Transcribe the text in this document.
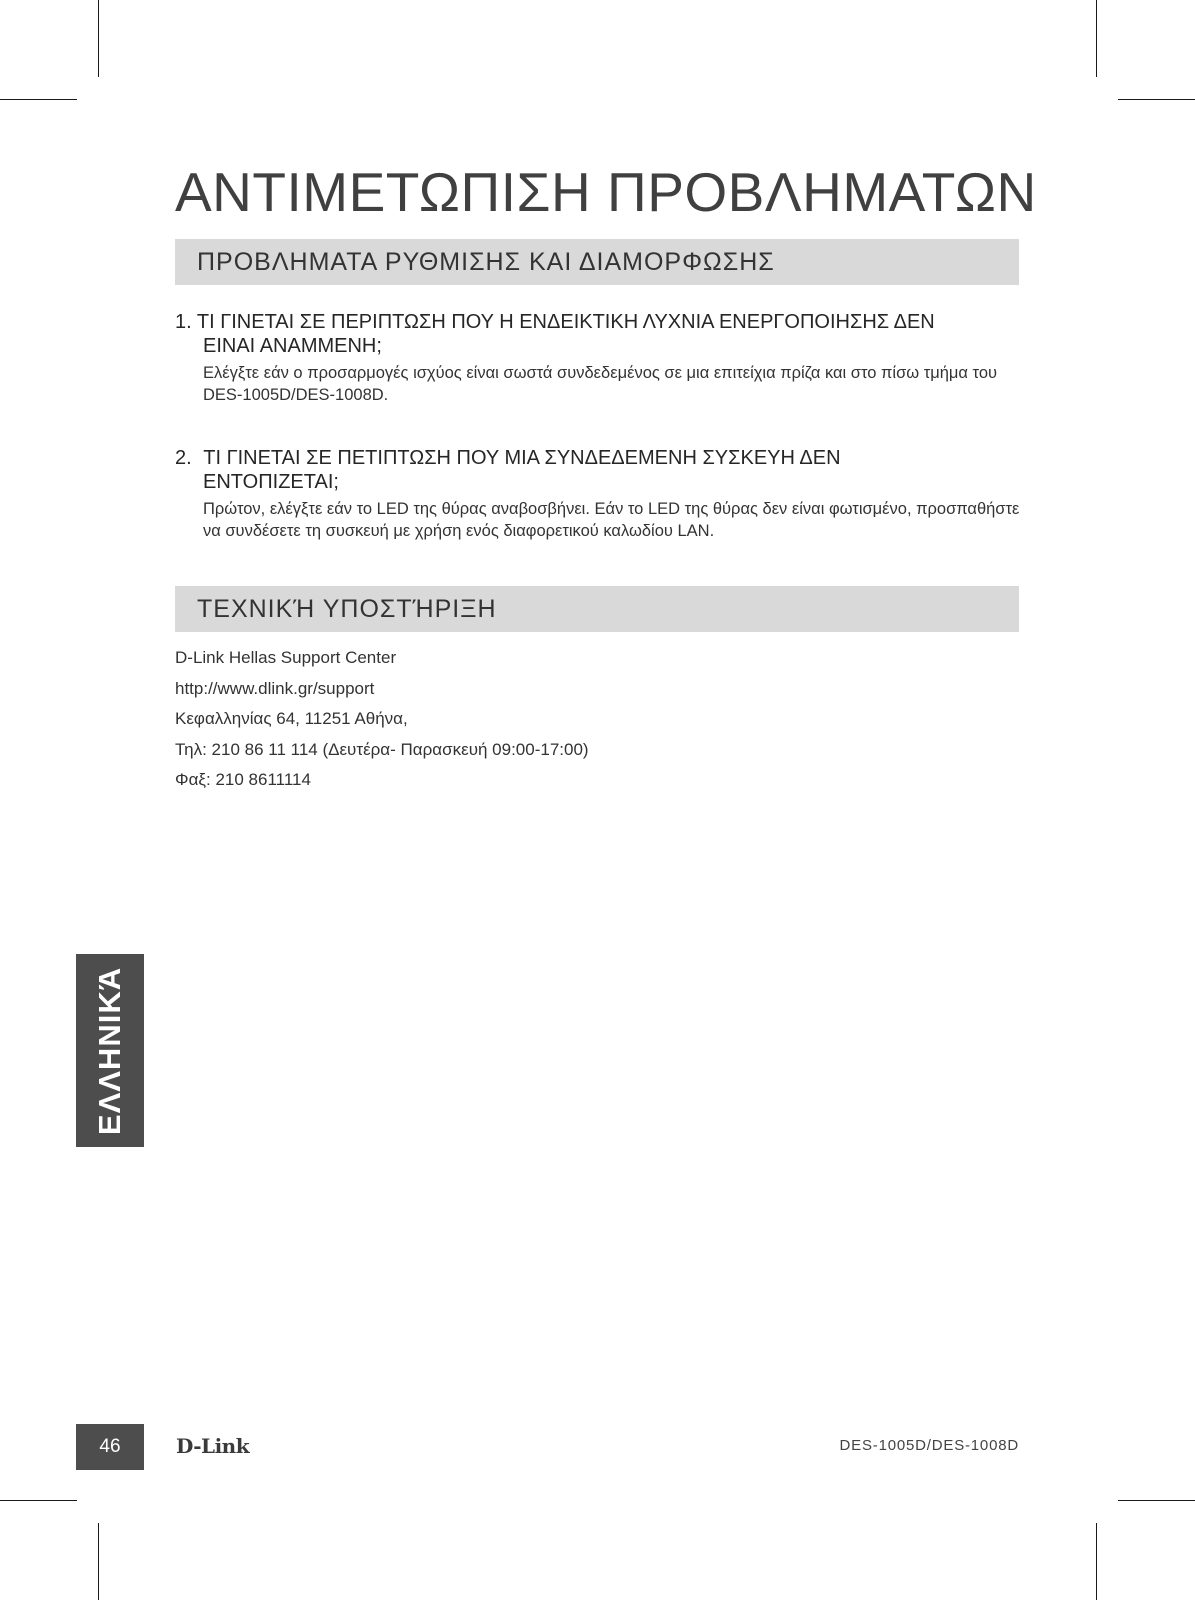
ΑΝΤΙΜΕΤΩΠΙΣΗ ΠΡΟΒΛΗΜΑΤΩΝ
ΠΡΟΒΛΗΜΑΤΑ ΡΥΘΜΙΣΗΣ ΚΑΙ ΔΙΑΜΟΡΦΩΣΗΣ
1. ΤΙ ΓΙΝΕΤΑΙ ΣΕ ΠΕΡΙΠΤΩΣΗ ΠΟΥ Η ΕΝΔΕΙΚΤΙΚΗ ΛΥΧΝΙΑ ΕΝΕΡΓΟΠΟΙΗΣΗΣ ΔΕΝ
ΕΙΝΑΙ ΑΝΑΜΜΕΝΗ;

Ελέγξτε εάν ο προσαρμογές ισχύος είναι σωστά συνδεδεμένος σε μια επιτείχια πρίζα και στο πίσω τμήμα του DES-1005D/DES-1008D.

2. ΤΙ ΓΙΝΕΤΑΙ ΣΕ ΠΕΤΙΠΤΩΣΗ ΠΟΥ ΜΙΑ ΣΥΝΔΕΔΕΜΕΝΗ ΣΥΣΚΕΥΗ ΔΕΝ
ΕΝΤΟΠΙΖΕΤΑΙ;

Πρώτον, ελέγξτε εάν το LED της θύρας αναβοσβήνει. Εάν το LED της θύρας δεν είναι φωτισμένο, προσπαθήστε να συνδέσετε τη συσκευή με χρήση ενός διαφορετικού καλωδίου LAN.

ΤΕΧΝΙΚΉ ΥΠΟΣΤΉΡΙΞΗ
D-Link Hellas Support Center
http://www.dlink.gr/support
Κεφαλληνίας 64, 11251 Αθήνα,
Τηλ: 210 86 11 114 (Δευτέρα- Παρασκευή 09:00-17:00)
Φαξ: 210 8611114
ΕΛΛΗΝΙΚΆ
46	D-Link	DES-1005D/DES-1008D
